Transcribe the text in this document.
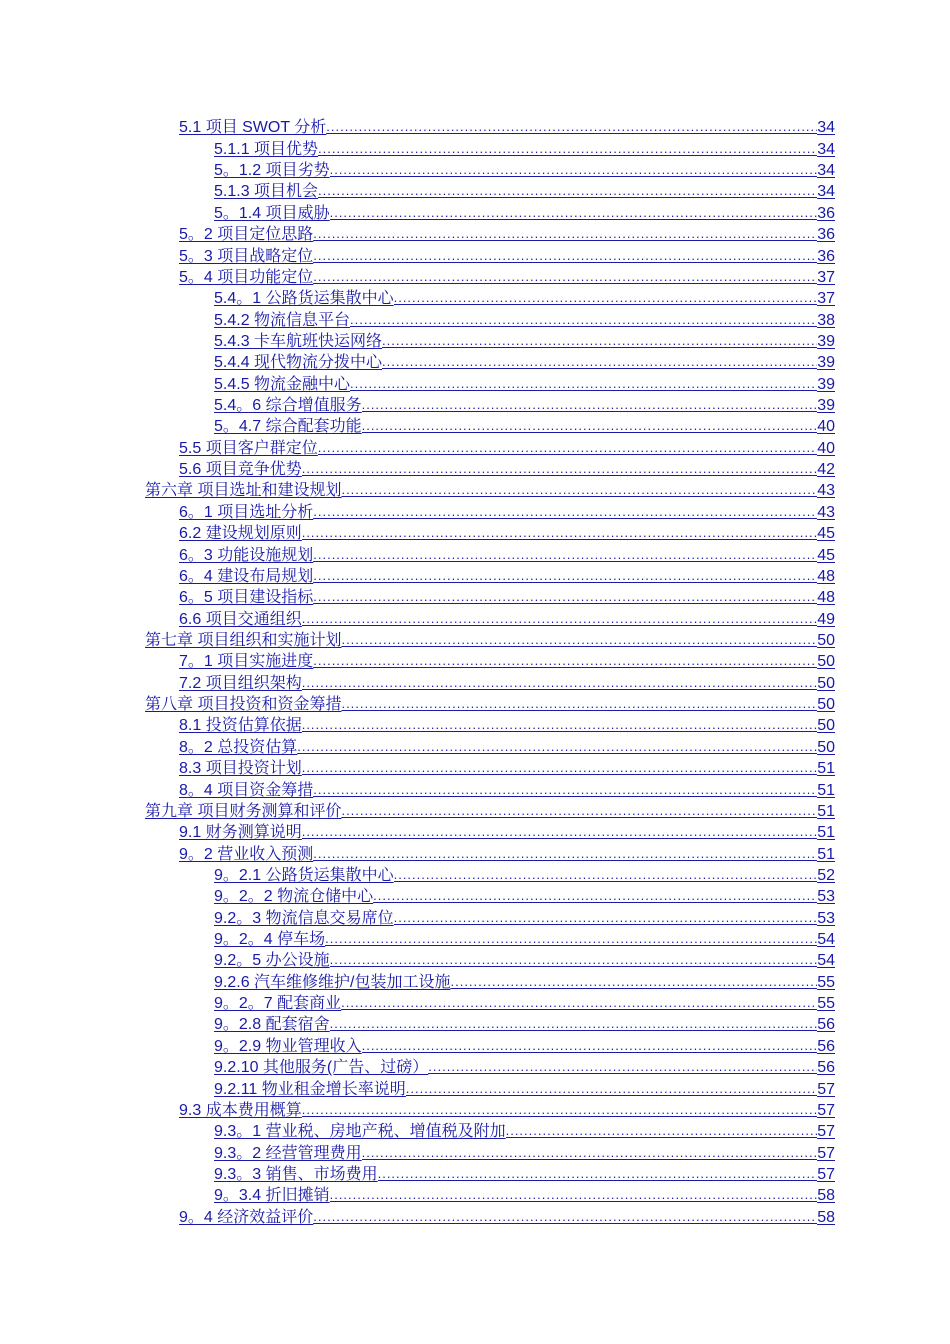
5.1 项目 SWOT 分析 .....	34
5.1.1 项目优势 .....	34
5。1.2 项目劣势 .....	34
5.1.3 项目机会 .....	34
5。1.4 项目威胁 .....	36
5。2 项目定位思路 .....	36
5。3 项目战略定位 .....	36
5。4 项目功能定位 .....	37
5.4。1 公路货运集散中心 .....	37
5.4.2 物流信息平台 .....	38
5.4.3 卡车航班快运网络 .....	39
5.4.4 现代物流分拨中心 .....	39
5.4.5 物流金融中心 .....	39
5.4。6 综合增值服务 .....	39
5。4.7 综合配套功能 .....	40
5.5 项目客户群定位 .....	40
5.6 项目竞争优势 .....	42
第六章 项目选址和建设规划 .....	43
6。1 项目选址分析 .....	43
6.2 建设规划原则 .....	45
6。3 功能设施规划 .....	45
6。4 建设布局规划 .....	48
6。5 项目建设指标 .....	48
6.6 项目交通组织 .....	49
第七章 项目组织和实施计划 .....	50
7。1 项目实施进度 .....	50
7.2 项目组织架构 .....	50
第八章 项目投资和资金筹措 .....	50
8.1 投资估算依据 .....	50
8。2 总投资估算 .....	50
8.3 项目投资计划 .....	51
8。4 项目资金筹措 .....	51
第九章 项目财务测算和评价 .....	51
9.1 财务测算说明 .....	51
9。2 营业收入预测 .....	51
9。2.1 公路货运集散中心 .....	52
9。2。2 物流仓储中心 .....	53
9.2。3 物流信息交易席位 .....	53
9。2。4 停车场 .....	54
9.2。5 办公设施 .....	54
9.2.6 汽车维修维护/包装加工设施 .....	55
9。2。7 配套商业 .....	55
9。2.8 配套宿舍 .....	56
9。2.9 物业管理收入 .....	56
9.2.10 其他服务(广告、过磅） .....	56
9.2.11 物业租金增长率说明 .....	57
9.3 成本费用概算 .....	57
9.3。1 营业税、房地产税、增值税及附加 .....	57
9.3。2 经营管理费用 .....	57
9.3。3 销售、市场费用 .....	57
9。3.4 折旧摊销 .....	58
9。4 经济效益评价 .....	58
